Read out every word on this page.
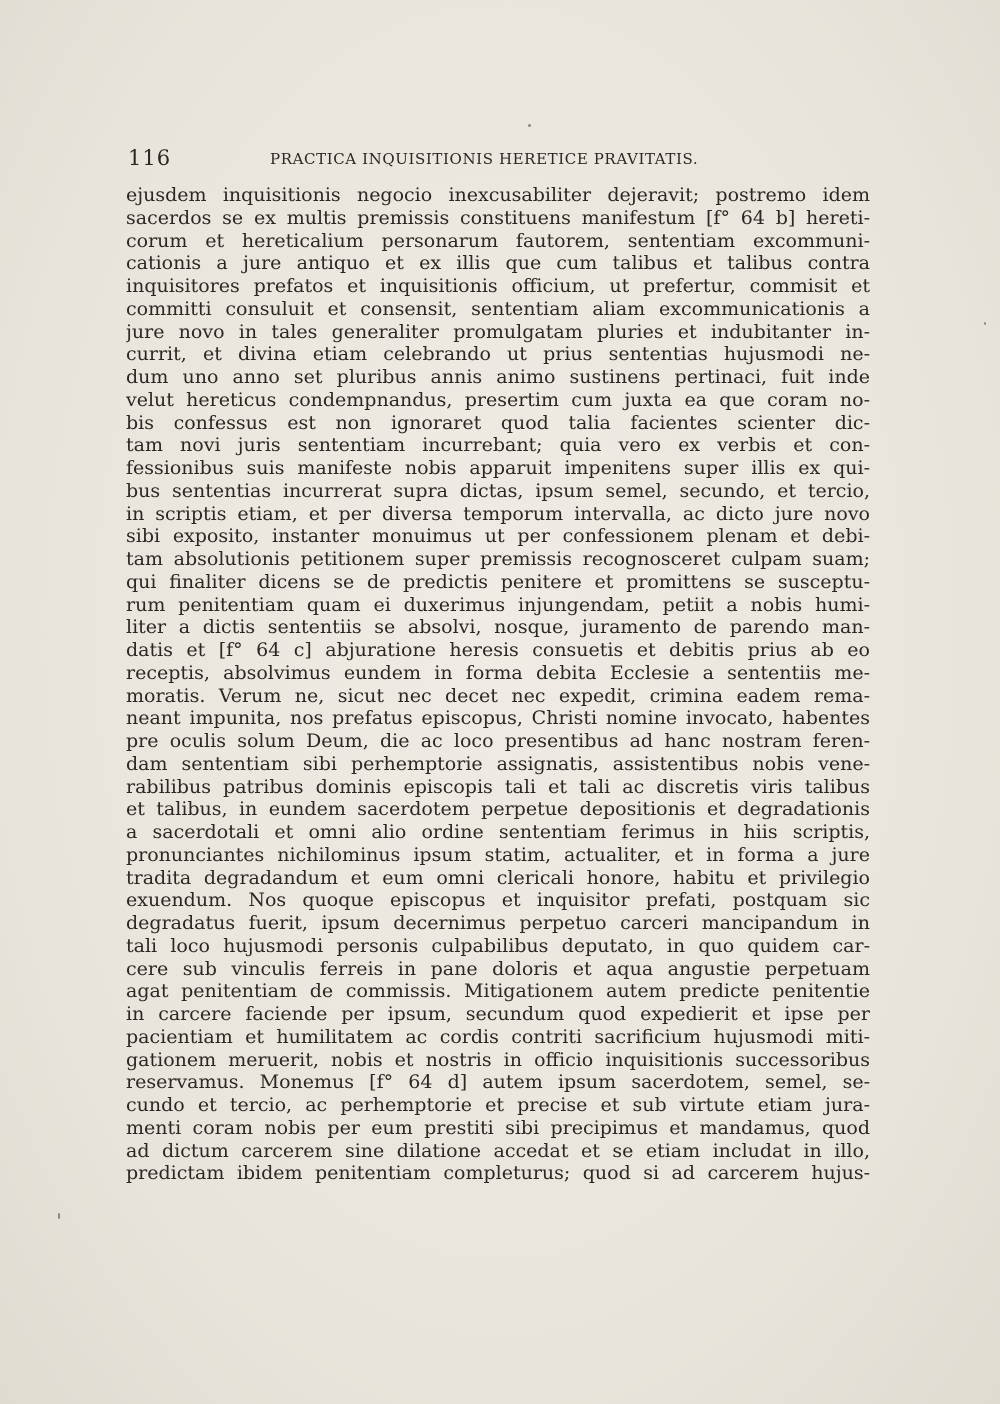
116	PRACTICA INQUISITIONIS HERETICE PRAVITATIS.
ejusdem inquisitionis negocio inexcusabiliter dejeravit; postremo idem
sacerdos se ex multis premissis constituens manifestum [f° 64 b] hereti-
corum et hereticalium personarum fautorem, sententiam excommuni-
cationis a jure antiquo et ex illis que cum talibus et talibus contra
inquisitores prefatos et inquisitionis officium, ut prefertur, commisit et
committi consuluit et consensit, sententiam aliam excommunicationis a
jure novo in tales generaliter promulgatam pluries et indubitanter in-
currit, et divina etiam celebrando ut prius sententias hujusmodi ne-
dum uno anno set pluribus annis animo sustinens pertinaci, fuit inde
velut hereticus condempnandus, presertim cum juxta ea que coram no-
bis confessus est non ignoraret quod talia facientes scienter dic-
tam novi juris sententiam incurrebant; quia vero ex verbis et con-
fessionibus suis manifeste nobis apparuit impenitens super illis ex qui-
bus sententias incurrerat supra dictas, ipsum semel, secundo, et tercio,
in scriptis etiam, et per diversa temporum intervalla, ac dicto jure novo
sibi exposito, instanter monuimus ut per confessionem plenam et debi-
tam absolutionis petitionem super premissis recognosceret culpam suam;
qui finaliter dicens se de predictis penitere et promittens se susceptu-
rum penitentiam quam ei duxerimus injungendam, petiit a nobis humi-
liter a dictis sententiis se absolvi, nosque, juramento de parendo man-
datis et [f° 64 c] abjuratione heresis consuetis et debitis prius ab eo
receptis, absolvimus eundem in forma debita Ecclesie a sententiis me-
moratis. Verum ne, sicut nec decet nec expedit, crimina eadem rema-
neant impunita, nos prefatus episcopus, Christi nomine invocato, habentes
pre oculis solum Deum, die ac loco presentibus ad hanc nostram feren-
dam sententiam sibi perhemptorie assignatis, assistentibus nobis vene-
rabilibus patribus dominis episcopis tali et tali ac discretis viris talibus
et talibus, in eundem sacerdotem perpetue depositionis et degradationis
a sacerdotali et omni alio ordine sententiam ferimus in hiis scriptis,
pronunciantes nichilominus ipsum statim, actualiter, et in forma a jure
tradita degradandum et eum omni clericali honore, habitu et privilegio
exuendum. Nos quoque episcopus et inquisitor prefati, postquam sic
degradatus fuerit, ipsum decernimus perpetuo carceri mancipandum in
tali loco hujusmodi personis culpabilibus deputato, in quo quidem car-
cere sub vinculis ferreis in pane doloris et aqua angustie perpetuam
agat penitentiam de commissis. Mitigationem autem predicte penitentie
in carcere faciende per ipsum, secundum quod expedierit et ipse per
pacientiam et humilitatem ac cordis contriti sacrificium hujusmodi miti-
gationem meruerit, nobis et nostris in officio inquisitionis successoribus
reservamus. Monemus [f° 64 d] autem ipsum sacerdotem, semel, se-
cundo et tercio, ac perhemptorie et precise et sub virtute etiam jura-
menti coram nobis per eum prestiti sibi precipimus et mandamus, quod
ad dictum carcerem sine dilatione accedat et se etiam includat in illo,
predictam ibidem penitentiam completurus; quod si ad carcerem hujus-
